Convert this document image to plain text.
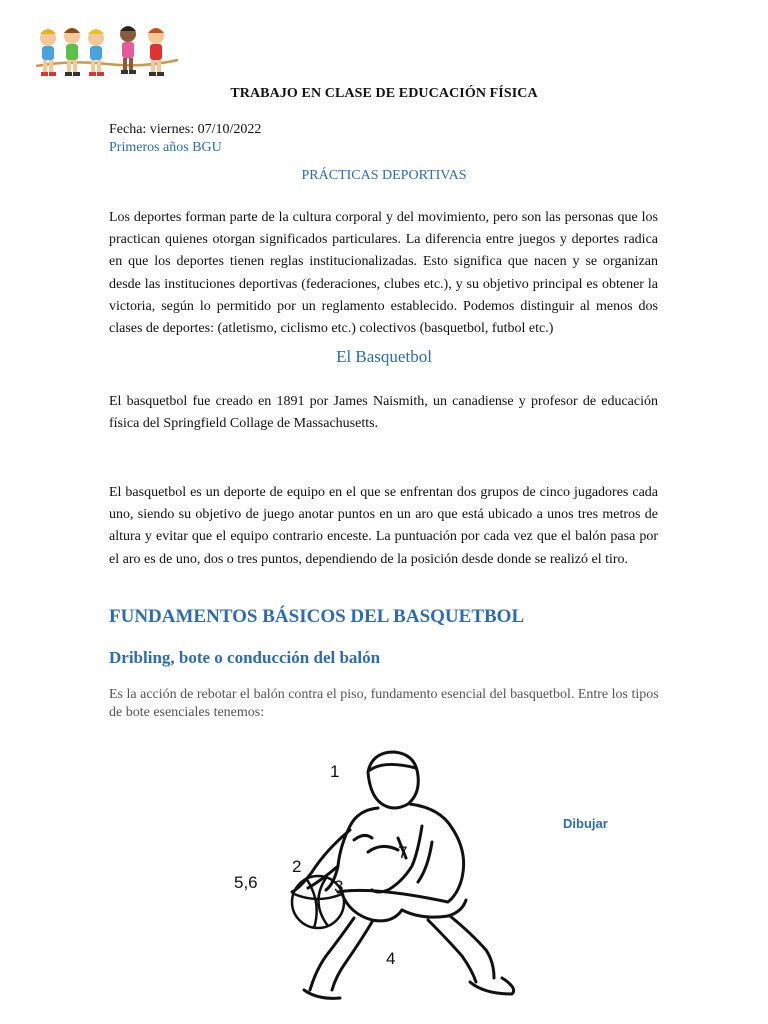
TRABAJO EN CLASE DE EDUCACIÓN FÍSICA
Fecha: viernes: 07/10/2022
Primeros años BGU
PRÁCTICAS DEPORTIVAS

Los deportes forman parte de la cultura corporal y del movimiento, pero son las personas que los practican quienes otorgan significados particulares. La diferencia entre juegos y deportes radica en que los deportes tienen reglas institucionalizadas. Esto significa que nacen y se organizan desde las instituciones deportivas (federaciones, clubes etc.), y su objetivo principal es obtener la victoria, según lo permitido por un reglamento establecido. Podemos distinguir al menos dos clases de deportes: (atletismo, ciclismo etc.) colectivos (basquetbol, futbol etc.)

El Basquetbol

El basquetbol fue creado en 1891 por James Naismith, un canadiense y profesor de educación física del Springfield Collage de Massachusetts.

El basquetbol es un deporte de equipo en el que se enfrentan dos grupos de cinco jugadores cada uno, siendo su objetivo de juego anotar puntos en un aro que está ubicado a unos tres metros de altura y evitar que el equipo contrario enceste. La puntuación por cada vez que el balón pasa por el aro es de uno, dos o tres puntos, dependiendo de la posición desde donde se realizó el tiro.

FUNDAMENTOS BÁSICOS DEL BASQUETBOL
Dribling, bote o conducción del balón

Es la acción de rebotar el balón contra el piso, fundamento esencial del basquetbol. Entre los tipos de bote esenciales tenemos:

1
2
3
4
5,6
7
Dibujar
